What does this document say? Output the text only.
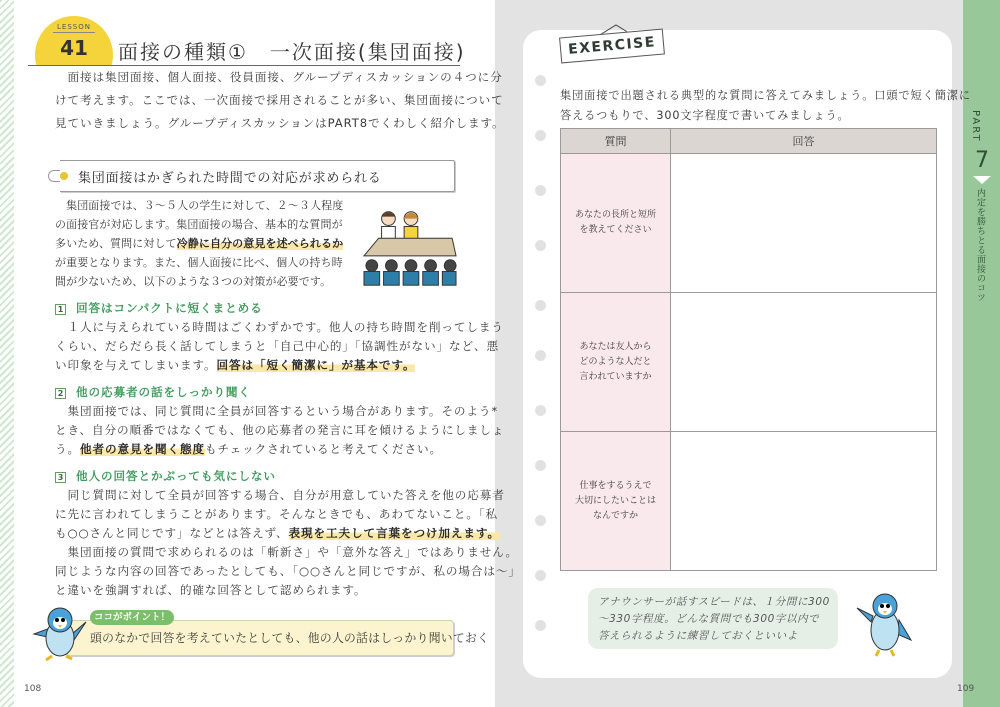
LESSON
41	面接の種類①　一次面接(集団面接)
　面接は集団面接、個人面接、役員面接、グループディスカッションの４つに分
けて考えます。ここでは、一次面接で採用されることが多い、集団面接について
見ていきましょう。グループディスカッションはPART8でくわしく紹介します。
集団面接はかぎられた時間での対応が求められる
　集団面接では、３～５人の学生に対して、２～３人程度
の面接官が対応します。集団面接の場合、基本的な質問が
多いため、質問に対して冷静に自分の意見を述べられるか
が重要となります。また、個人面接に比べ、個人の持ち時
間が少ないため、以下のような３つの対策が必要です。
1 回答はコンパクトに短くまとめる
　１人に与えられている時間はごくわずかです。他人の持ち時間を削ってしまう
くらい、だらだら長く話してしまうと「自己中心的」「協調性がない」など、悪
い印象を与えてしまいます。回答は「短く簡潔に」が基本です。
2 他の応募者の話をしっかり聞く
　集団面接では、同じ質問に全員が回答するという場合があります。そのよう*
とき、自分の順番ではなくても、他の応募者の発言に耳を傾けるようにしましょ
う。他者の意見を聞く態度もチェックされていると考えてください。
3 他人の回答とかぶっても気にしない
　同じ質問に対して全員が回答する場合、自分が用意していた答えを他の応募者
に先に言われてしまうことがあります。そんなときでも、あわてないこと。「私
も○○さんと同じです」などとは答えず、表現を工夫して言葉をつけ加えます。
　集団面接の質問で求められるのは「斬新さ」や「意外な答え」ではありません。
同じような内容の回答であったとしても、「○○さんと同じですが、私の場合は～」
と違いを強調すれば、的確な回答として認められます。
ココがポイント！
頭のなかで回答を考えていたとしても、他の人の話はしっかり聞いておく
108
EXERCISE
集団面接で出題される典型的な質問に答えてみましょう。口頭で短く簡潔に
答えるつもりで、300文字程度で書いてみましょう。
質問	回答
あなたの長所と短所
を教えてください	
あなたは友人から
どのような人だと
言われていますか	
仕事をするうえで
大切にしたいことは
なんですか	
アナウンサーが話すスピードは、１分間に300～330字程度。どんな質問でも300字以内で答えられるように練習しておくといいよ
109
PART
7
内定を勝ちとる面接のコツ
